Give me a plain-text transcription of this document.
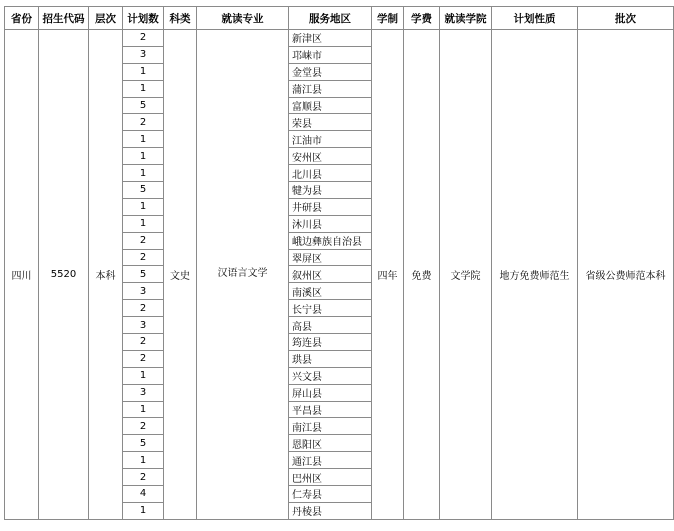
省份	招生代码	层次	计划数	科类	就读专业	服务地区	学制	学费	就读学院	计划性质	批次
四川	5520	本科	2	文史	汉语言文学	新津区	四年	免费	文学院	地方免费师范生	省级公费师范本科
			3			邛崃市					
			1			金堂县					
			1			蒲江县					
			5			富顺县					
			2			荣县					
			1			江油市					
			1			安州区					
			1			北川县					
			5			犍为县					
			1			井研县					
			1			沐川县					
			2			峨边彝族自治县					
			2			翠屏区					
			5			叙州区					
			3			南溪区					
			2			长宁县					
			3			高县					
			2			筠连县					
			2			珙县					
			1			兴文县					
			3			屏山县					
			1			平昌县					
			2			南江县					
			5			恩阳区					
			1			通江县					
			2			巴州区					
			4			仁寿县					
			1			丹棱县					
